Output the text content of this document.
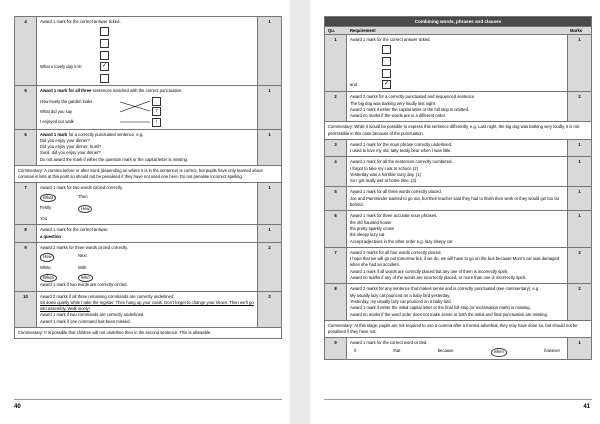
4	Award 1 mark for the correct answer ticked.
What a lovely day it is!	✓
1
5	Award 1 mark for all three sentences matched with the correct punctuation.
How lovely the garden looks
What did you say
I enjoyed our walk
.
?
!
1
6	Award 1 mark for a correctly punctuated sentence, e.g.
Did you enjoy your dinner?
Did you enjoy your dinner, Sunil?
Sunil, did you enjoy your dinner?
Do not award the mark if either the question mark or the capital letter is missing.
1
Commentary: A comma before or after Sunil (depending on where it is in the sentence) is correct, but pupils have only learned about commas in lists at this point so should not be penalised if they have not used one here. Do not penalise incorrect spelling.
7	Award 1 mark for two words circled correctly.
What	Then
Firstly	How
You
1
8	Award 1 mark for the correct answer.
a question
1
9	Award 2 marks for three words circled correctly.
How	Next
White	With
When	Who
Award 1 mark if two words are correctly circled.
2
10	Award 2 marks if all three remaining commands are correctly underlined.
Sit down quietly while I take the register. Then hang up your coats. Don't forget to change your shoes. Then we'll go into assembly. Walk nicely!
Award 1 mark if two commands are correctly underlined.
Award 1 mark if one command has been missed.
2
Commentary: It is possible that children will not underline then in the second sentence. This is allowable.
40
Combining words, phrases and clauses
Qu.	Requirement	Marks
1	Award 1 mark for the correct answer ticked.
and	✓
1
2	Award 2 marks for a correctly punctuated and sequenced sentence.
The big dog was barking very loudly last night.
Award 1 mark if either the capital letter or the full stop is omitted.
Award no marks if the words are in a different order.
2
Commentary: While it would be possible to express this sentence differently, e.g. Last night, the big dog was barking very loudly, it is not permissible in this case because of the punctuation.
3	Award 1 mark for the noun phrase correctly underlined.
I used to love my old, tatty teddy bear when I was little.
1
4	Award 1 mark for all the sentences correctly numbered.
I forgot to take my coat to school. (2)
Yesterday was a horrible rainy day. (1)
So I got really wet at home time. (3)
1
5	Award 1 mark for all three words correctly placed.
Joe and Pamminder wanted to go out, but their teacher said they had to finish their work or they would get too far behind.
1
6	Award 1 mark for three accurate noun phrases.
the old haunted house
the pretty sparkly crown
the sleepy lazy cat
Accept adjectives in the other order e.g. lazy sleepy cat
1
7	Award 2 marks for all four words correctly placed.
I hope that we will go out tomorrow but, if we do, we will have to go on the bus because Mum's car was damaged when she had an accident.
Award 1 mark if all words are correctly placed but any one of them is incorrectly spelt.
Award no marks if any of the words are incorrectly placed, or more than one is incorrectly spelt.
2
8	Award 2 marks for any sentence that makes sense and is correctly punctuated (see commentary), e.g.
My usually lazy cat pounced on a baby bird yesterday.
Yesterday, my usually lazy cat pounced on a baby bird.
Award 1 mark if either the initial capital letter or the final full stop (or exclamation mark) is missing.
Award no marks if the word order does not make sense or both the initial and final punctuation are missing.
2
Commentary: At this stage, pupils are not required to use a comma after a fronted adverbial, they may have done so, but should not be penalised if they have not.
9	Award 1 mark for the correct word circled.
if	that	because	when	however
1
41
